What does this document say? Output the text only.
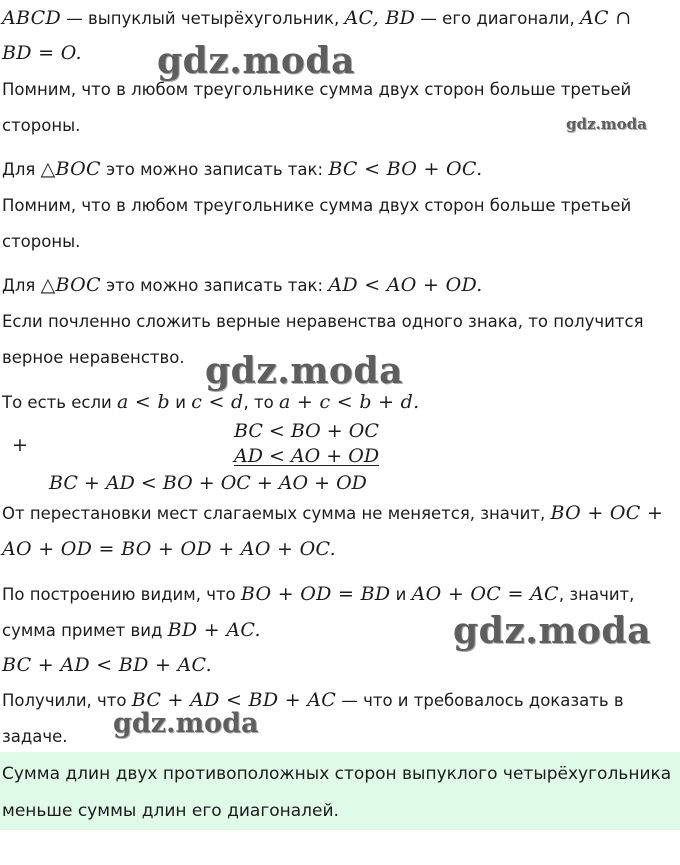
gdz.moda
gdz.moda
gdz.moda
gdz.moda
gdz.moda
ABCD — выпуклый четырёхугольник, AC, BD — его диагонали, AC ∩
BD = O.
Помним, что в любом треугольнике сумма двух сторон больше третьей
стороны.
Для △BOC это можно записать так: BC < BO + OC.
Помним, что в любом треугольнике сумма двух сторон больше третьей
стороны.
Для △BOC это можно записать так: AD < AO + OD.
Если почленно сложить верные неравенства одного знака, то получится
верное неравенство.
То есть если a < b и c < d, то a + c < b + d.
+
BC < BO + OC
AD < AO + OD
BC + AD < BO + OC + AO + OD
От перестановки мест слагаемых сумма не меняется, значит, BO + OC +
AO + OD = BO + OD + AO + OC.
По построению видим, что BO + OD = BD и AO + OC = AC, значит,
сумма примет вид BD + AC.
BC + AD < BD + AC.
Получили, что BC + AD < BD + AC — что и требовалось доказать в
задаче.
Сумма длин двух противоположных сторон выпуклого четырёхугольника
меньше суммы длин его диагоналей.
